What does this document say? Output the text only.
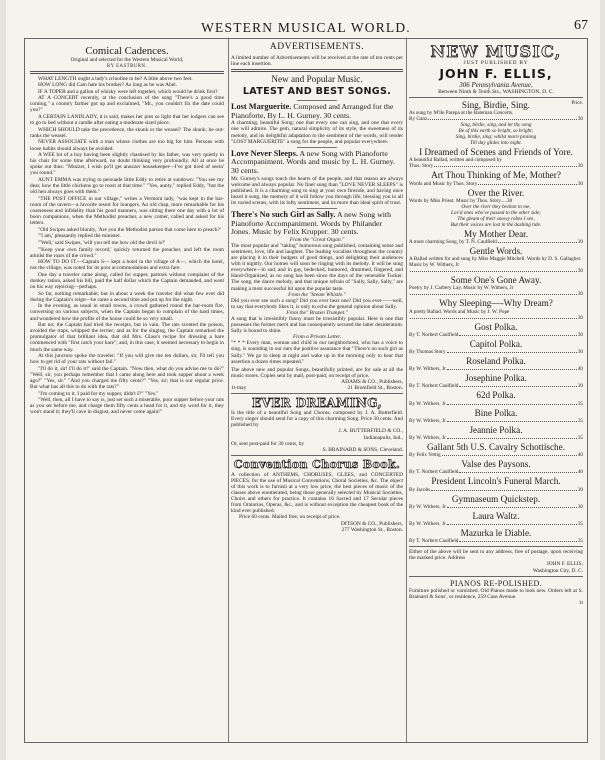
WESTERN MUSICAL WORLD.	67
Comical Cadences.
Original and selected for the Western Musical World,
BY EASTBURN.

WHAT LENGTH ought a lady's crinoline to be? A little above two feet.

HOW LONG did Cain hate his brother? As long as he was Abel.

IF A TOPER and a gallon of whisky were left together, which would he drink first?

AT A CONCERT recently, at the conclusion of the song "There's a good time coming," a country farmer got up and exclaimed, "Mr., you couldn't fix the date could you?"

A CERTAIN LANDLADY, it is said, makes her pies so light that her lodgers can see to go to bed without a candle after eating a moderate sized piece.

WHICH SHOULD take the precedence, the skunk or the weasel? The skunk; he out-ranks the weasel.

NEVER ASSOCIATE with a man whose clothes are too big for him. Persons with loose habits should always be avoided.

A WEE bit of a boy having been slightly chastised by his father, was very quietly in his chair for some time afterward, no doubt thinking very profoundly. All at once he spoke out thus: "Muzzer, I wish po'll get anuzzer housekeeper—I've got tired of seein' you round."

AUNT EMMA was trying to persuade little Eddy to retire at sundown: "You see my dear, how the little chickens go to roost at that time." "Yes, aunty," replied Eddy, "but the old hen always goes with them."

"THE POST OFFICE in our village," writes a Vermont lady, "was kept in the bar-room of the tavern—a favorite resort for loungers. An old chap, more remarkable for his coarseness and infidelity than his good manners, was sitting there one day with a lot of boon companions, when the Methodist preacher, a new comer, called and asked for his letters.

"Old Swipes asked bluntly, 'Are you the Methodist parson that come here to preach?'

"'I am,' pleasantly replied the minister.

"'Well,' said Swipes, 'will you tell me how old the devil is?'

"'Keep your own family record,' quickly returned the preacher, and left the room amidst the roars of the crowd."

HOW TO DO IT.—Captain S— kept a hotel in the village of A—, which the hotel, not the village, was noted for its poor accommodations and extra fare.

One day a traveler came along, called for supper, partook without complaint of the donkey ration, asked his bill, paid the half dollar which the Captain demanded, and went on his way rejoicing—perhaps.

So far, nothing remarkable; but in about a week the traveler did what few ever did during the Captain's reign—he came a second time and put up for the night.

In the evening, as usual in small towns, a crowd gathered round the bar-room fire, conversing on various subjects, when the Captain began to complain of the hard times, and wondered how the profits of the house could be so very small.

But no; the Captain had tried the receipts, but in vain. The rats scented the poison, avoided the traps, whipped the terrier; and as for the singing, the Captain remarked the promulgator of that brilliant idea, that old Mrs. Glass's recipe for dressing a hare commenced with "first catch your hare"; and, in this case, it seemed necessary to begin in much the same way.

At this juncture spoke the traveler: "If you will give me ten dollars, sir, I'll tell you how to get rid of your rats without fail."

"I'll do it, sir! I'll do it!" said the Captain. "Now then, what do you advise me to do?" "Well, sir, you perhaps remember that I came along here and took supper about a week ago?" "Yes, sir." "And you charged me fifty cents?" "Yes, sir; that is our regular price. But what has all this to do with the rats?"

"I'm coming to it. I paid for my supper, didn't I?" "Yes."

"Well, then, all I have to say is, just set such a miserable, poor supper before your rats as you set before me, and charge them fifty cents a head for it, and my word for it, they won't stand it; they'll cave in disgust, and never come again!"

ADVERTISEMENTS.
A limited number of Advertisements will be received at the rate of ten cents per line each insertion.
New and Popular Music.
LATEST AND BEST SONGS.
Lost Marguerite. Composed and Arranged for the Pianoforte, By L. H. Gurney. 30 cents.
A charming, beautiful Song; one that every one can sing, and one that every one will admire. The gem, natural simplicity of its style, the sweetness of its melody, and its delightful adaptation to the sentiment of the words, will render "LOST MARGUERITE" a song for the people, and popular everywhere.
Love Never Sleeps. A new Song with Pianoforte Accompaniment. Words and music by L. H. Gurney. 30 cents.
Mr. Gurney's songs touch the hearts of the people, and that reason are always welcome and always popular. No finer song than "LOVE NEVER SLEEPS" is published. It is a charming song to sing at your own fireside, and having once heard it sung, the memory of it will follow you through life, blessing you in all its varied scenes, with its lofty sentiment, and its more than ideal spirit of trust.
There's No such Girl as Sally. A new Song with Pianoforte Accompaniment. Words by Philander Jones. Music by Felix Krupper. 30 cents.
From the "Great Organ."
The most popular and "taking" humorous song published, containing sense and sentiment, love, life and laughter. The leading vocalists throughout the country are placing it in their budgets of good things, and delighting their audiences with it nightly. Our homes will soon be ringing with its melody. It will be sung everywhere—in sad, and in gay, bedecked, humored, drummed, fingered, and Hand-Organized, as no song has been since the days of the venerable Tucker. The song, the dance melody, and that unique refrain of "Sally, Sally, Sally," are making a most successful hit upon the popular taste.
From the "Steam Whistle."
Did you ever see such a song? Did you ever hear one? Did you ever——well, to say that everybody likes it, is only to echo the general opinion about Sally.
From the" Brazen Trumpet."
A song that is irresistibly funny must be irresistibly popular. Here is one that possesses the former merit and has consequently secured the latter desideratum. Sally is bound to shine.
From a Private Letter.
"* * * Every man, woman and child in our neighborhood, who has a voice to sing, is sounding in our ears the positive assurance that "There's no such girl as Sally." We go to sleep at night and wake up in the morning only to hear that assertion a dozen times repeated."
The above new and popular Songs, beautifully printed, are for sale at all the music stores. Copies sent by mail, post-paid, on receipt of price.
ADAMS & CO., Publishers,
1t-may	21 Bromfield St., Boston.
EVER DREAMING,
Is the title of a beautiful Song and Chorus, composed by J. A. Butterfield. Every singer should send for a copy of this charming Song. Price 30 cents. And published by
J. A. BUTTERFIELD & CO.,
Indianapolis, Ind.,
Or, sent post-paid for 30 cents, by
S. BRAINARD & SONS, Cleveland.
Convention Chorus Book.
A collection of ANTHEMS, CHORUSES, GLEES, and CONCERTED PIECES, for the use of Musical Conventions, Choral Societies, &c. The object of this work is to furnish at a very low price, the best pieces of music of the classes above enumerated, being those generally selected by Musical Societies, Choirs and others for practice. It contains 16 Sacred and 17 Secular pieces from Oratorios, Operas, &c., and is without exception the cheapest book of the kind ever published.
Price 60 cents. Mailed free, on receipt of price.
DITSON & CO., Publishers,
277 Washington St., Boston.
NEW MUSIC,
JUST PUBLISHED BY
JOHN F. ELLIS,
306 Pennsylvania Avenue,
Between Ninth & Tenth Sts., WASHINGTON, D. C.
Sing, Birdie, Sing.	Price.
As sung by M'lle Parepa at the Bateman Concerts.
By Ganz	30
Sing, birdie, sing, and let thy song
Be of this earth so bright, so bright;
Sing, birdie, sing; whilst morn prolong
Till day glides into night.
I Dreamed of Scenes and Friends of Yore.
A beautiful Ballad, written and composed by
Thos. Story	30
Art Thou Thinking of Me, Mother?
Words and Music by Thos. Story	30
Over the River.
Words by Miss Priest. Music by Thos. Story.....30
Over the river they beckon to me,
Lov'd ones who've passed to the other side;
The gleam of their snowy robes I see,
But their voices are lost in the dashing tide.
My Mother Dear.
A most charming Song, by T. N. Caulfield	30
Gentle Words.
A Ballad written for and sung by Miss Maggie Mitchell. Words by D. S. Gallagher. Music by W. Withers, Jr
30
Some One's Gone Away.
Poetry by J. Carbery Lay. Music by W. Withers, Jr
30
Why Sleeping—-Why Dream?
A pretty Ballad. Words and Music by J. W. Pope
30
Gost Polka.
By T. Norbert Caulfield	30
Capitol Polka.
By Thomas Story	30
Roseland Polka.
By W. Withers, Jr	40
Josephine Polka.
By T. Norbert Caulfield	30
62d Polka.
By W. Withers, Jr	35
Bine Polka.
By W. Withers, Jr	35
Jeannie Polka.
By W. Withers, Jr	35
Gallant 5th U.S. Cavalry Schottische.
By Felix Yettig	40
Valse des Paysons.
By T. Norbert Caulfield	40
President Lincoln's Funeral March.
By Jacobs	30
Gymnaseum Quickstep.
By W. Withers, Jr	30
Laura Waltz.
By W. Withers, Jr	35
Mazurka le Diable.
By T. Norbert Caulfield	35
Either of the above will be sent to any address, free of postage, upon receiving the marked price. Address
JOHN F. ELLIS,
Washington City, D. C.
PIANOS RE-POLISHED.
Furniture polished or varnished. Old Pianos made to look new. Orders left at S. Brainard & Sons', or residence, 259 Case Avenue.
1t
